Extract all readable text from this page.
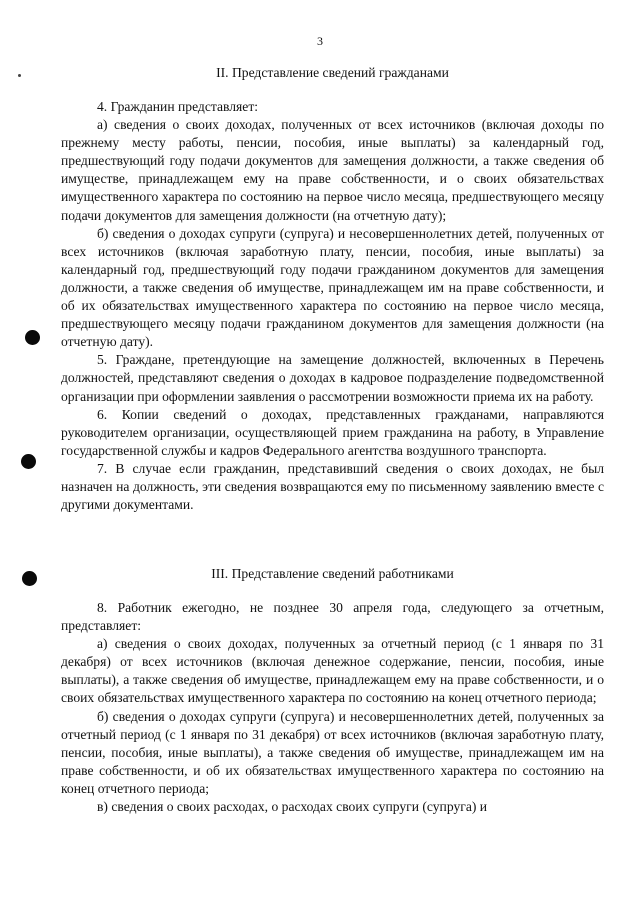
3
II. Представление сведений гражданами

4. Гражданин представляет:

а) сведения о своих доходах, полученных от всех источников (включая доходы по прежнему месту работы, пенсии, пособия, иные выплаты) за календарный год, предшествующий году подачи документов для замещения должности, а также сведения об имуществе, принадлежащем ему на праве собственности, и о своих обязательствах имущественного характера по состоянию на первое число месяца, предшествующего месяцу подачи документов для замещения должности (на отчетную дату);

б) сведения о доходах супруги (супруга) и несовершеннолетних детей, полученных от всех источников (включая заработную плату, пенсии, пособия, иные выплаты) за календарный год, предшествующий году подачи гражданином документов для замещения должности, а также сведения об имуществе, принадлежащем им на праве собственности, и об их обязательствах имущественного характера по состоянию на первое число месяца, предшествующего месяцу подачи гражданином документов для замещения должности (на отчетную дату).

5. Граждане, претендующие на замещение должностей, включенных в Перечень должностей, представляют сведения о доходах в кадровое подразделение подведомственной организации при оформлении заявления о рассмотрении возможности приема их на работу.

6. Копии сведений о доходах, представленных гражданами, направляются руководителем организации, осуществляющей прием гражданина на работу, в Управление государственной службы и кадров Федерального агентства воздушного транспорта.

7. В случае если гражданин, представивший сведения о своих доходах, не был назначен на должность, эти сведения возвращаются ему по письменному заявлению вместе с другими документами.

III. Представление сведений работниками

8. Работник ежегодно, не позднее 30 апреля года, следующего за отчетным, представляет:

а) сведения о своих доходах, полученных за отчетный период (с 1 января по 31 декабря) от всех источников (включая денежное содержание, пенсии, пособия, иные выплаты), а также сведения об имуществе, принадлежащем ему на праве собственности, и о своих обязательствах имущественного характера по состоянию на конец отчетного периода;

б) сведения о доходах супруги (супруга) и несовершеннолетних детей, полученных за отчетный период (с 1 января по 31 декабря) от всех источников (включая заработную плату, пенсии, пособия, иные выплаты), а также сведения об имуществе, принадлежащем им на праве собственности, и об их обязательствах имущественного характера по состоянию на конец отчетного периода;

в) сведения о своих расходах, о расходах своих супруги (супруга) и
